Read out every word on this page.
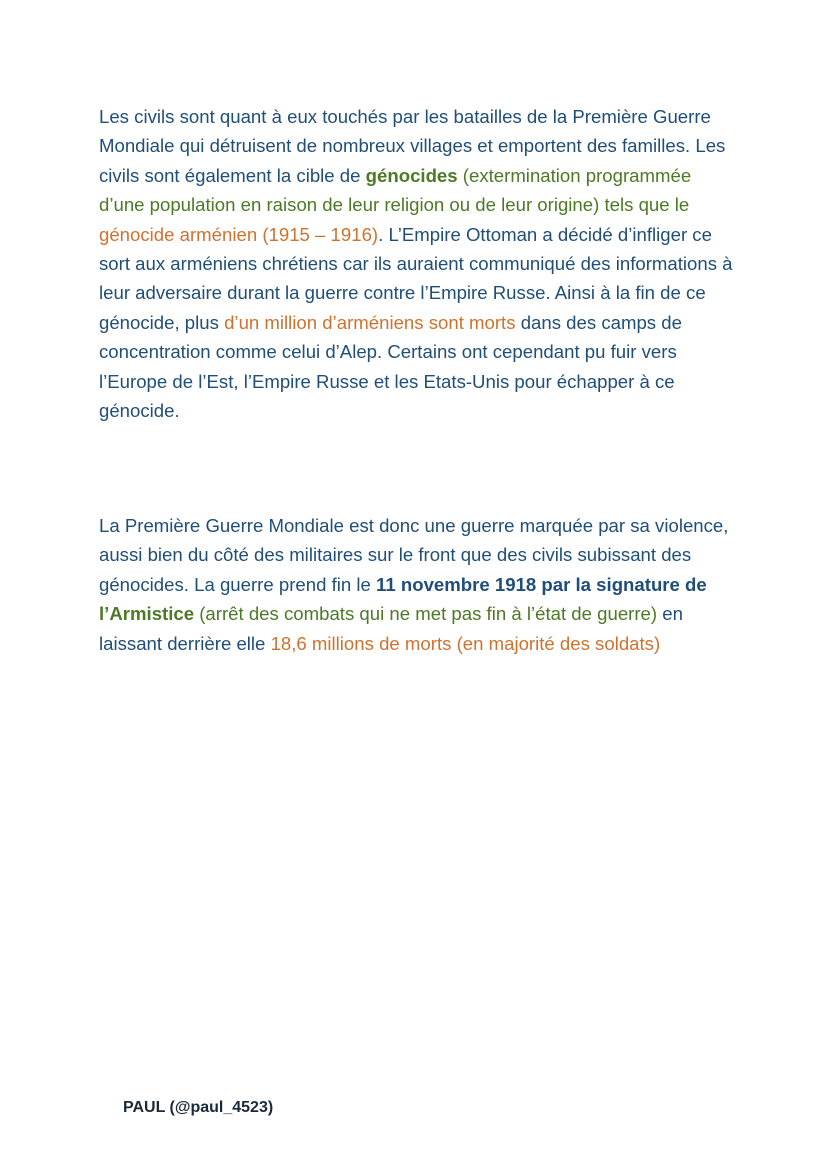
Les civils sont quant à eux touchés par les batailles de la Première Guerre Mondiale qui détruisent de nombreux villages et emportent des familles. Les civils sont également la cible de génocides (extermination programmée d’une population en raison de leur religion ou de leur origine) tels que le génocide arménien (1915 – 1916). L’Empire Ottoman a décidé d’infliger ce sort aux arméniens chrétiens car ils auraient communiqué des informations à leur adversaire durant la guerre contre l’Empire Russe. Ainsi à la fin de ce génocide, plus d’un million d’arméniens sont morts dans des camps de concentration comme celui d’Alep. Certains ont cependant pu fuir vers l’Europe de l’Est, l’Empire Russe et les Etats-Unis pour échapper à ce génocide.

La Première Guerre Mondiale est donc une guerre marquée par sa violence, aussi bien du côté des militaires sur le front que des civils subissant des génocides. La guerre prend fin le 11 novembre 1918 par la signature de l’Armistice (arrêt des combats qui ne met pas fin à l’état de guerre) en laissant derrière elle 18,6 millions de morts (en majorité des soldats)

PAUL (@paul_4523)
